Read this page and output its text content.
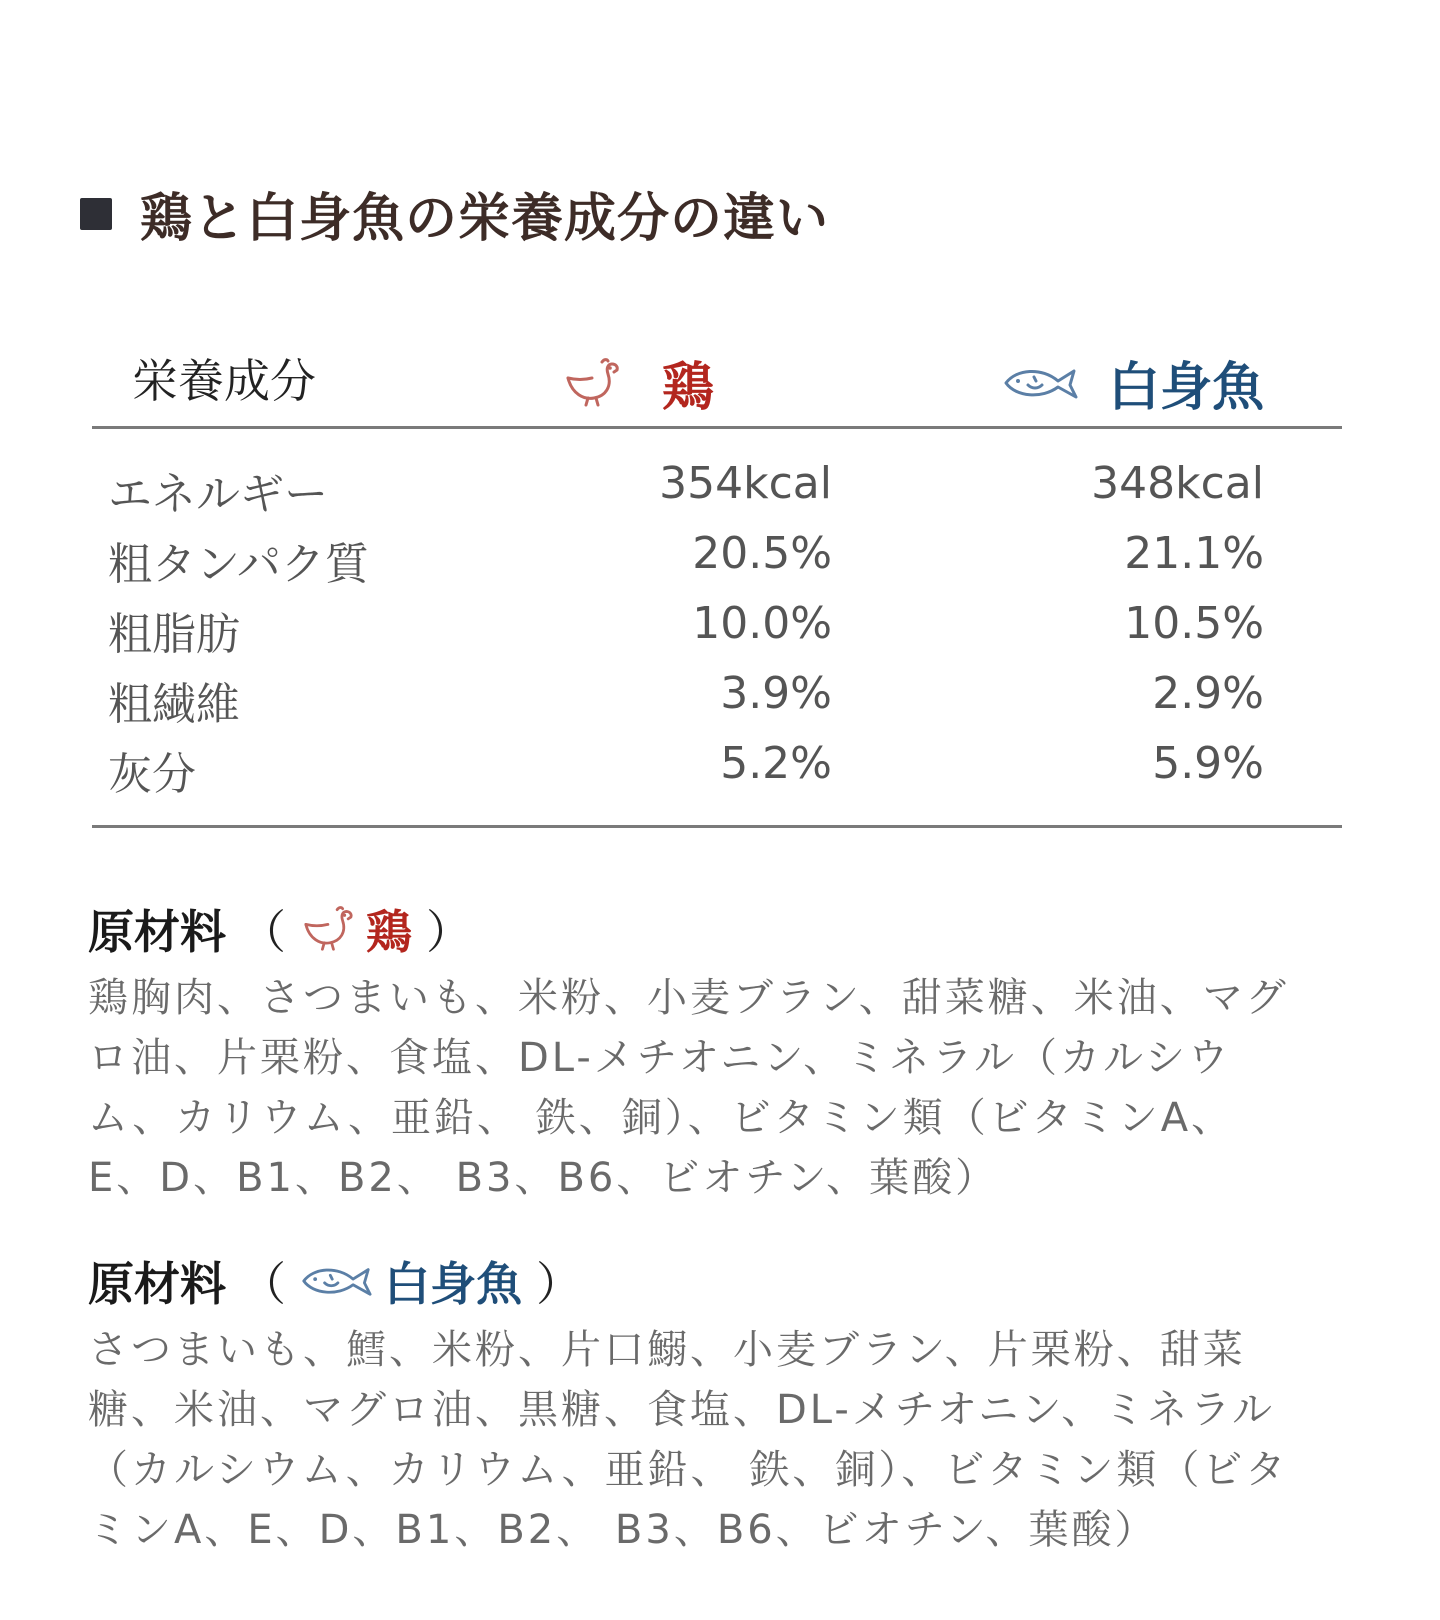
鶏と白身魚の栄養成分の違い
栄養成分	鶏	白身魚
エネルギー	354kcal	348kcal
粗タンパク質	20.5%	21.1%
粗脂肪	10.0%	10.5%
粗繊維	3.9%	2.9%
灰分	5.2%	5.9%
原材料 （ 鶏 ）
鶏胸肉、さつまいも、米粉、小麦ブラン、甜菜糖、米油、マグロ油、片栗粉、食塩、DL-メチオニン、ミネラル（カルシウム、カリウム、亜鉛、 鉄、銅）、ビタミン類（ビタミンA、E、D、B1、B2、 B3、B6、ビオチン、葉酸）
原材料 （ 白身魚 ）
さつまいも、鱈、米粉、片口鰯、小麦ブラン、片栗粉、甜菜糖、米油、マグロ油、黒糖、食塩、DL-メチオニン、ミネラル（カルシウム、カリウム、亜鉛、 鉄、銅）、ビタミン類（ビタミンA、E、D、B1、B2、 B3、B6、ビオチン、葉酸）
